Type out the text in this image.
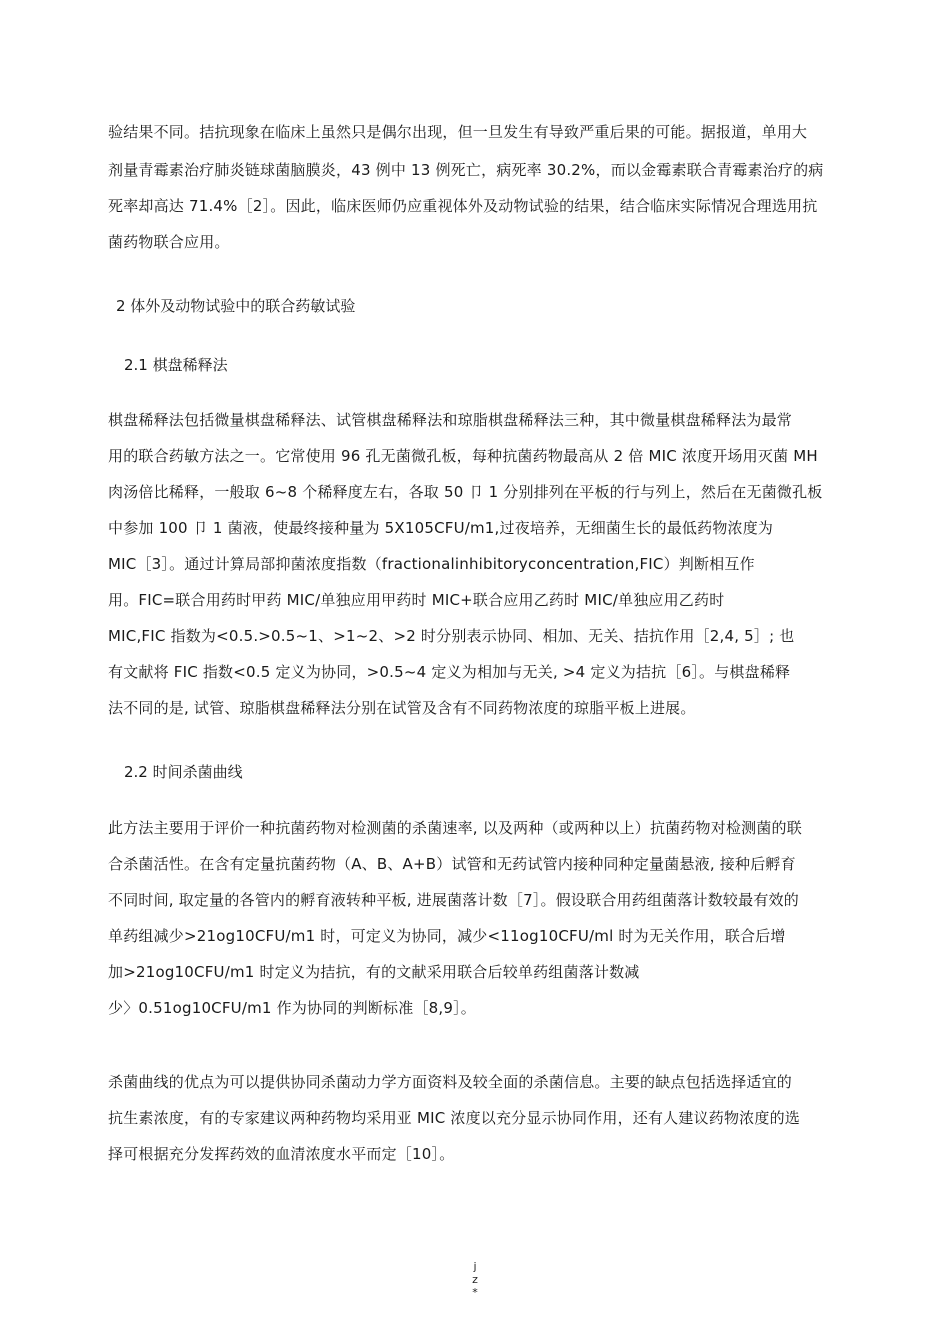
验结果不同。拮抗现象在临床上虽然只是偶尔出现，但一旦发生有导致严重后果的可能。据报道，单用大
剂量青霉素治疗肺炎链球菌脑膜炎，43 例中 13 例死亡，病死率 30.2%，而以金霉素联合青霉素治疗的病
死率却高达 71.4%［2］。因此，临床医师仍应重视体外及动物试验的结果，结合临床实际情况合理选用抗
菌药物联合应用。
2 体外及动物试验中的联合药敏试验
2.1 棋盘稀释法
棋盘稀释法包括微量棋盘稀释法、试管棋盘稀释法和琼脂棋盘稀释法三种，其中微量棋盘稀释法为最常
用的联合药敏方法之一。它常使用 96 孔无菌微孔板，每种抗菌药物最高从 2 倍 MIC 浓度开场用灭菌 MH
肉汤倍比稀释，一般取 6~8 个稀释度左右，各取 50 卩 1 分别排列在平板的行与列上，然后在无菌微孔板
中参加 100 卩 1 菌液，使最终接种量为 5X105CFU/m1,过夜培养，无细菌生长的最低药物浓度为
MIC［3］。通过计算局部抑菌浓度指数（fractionalinhibitoryconcentration,FIC）判断相互作
用。FIC=联合用药时甲药 MIC/单独应用甲药时 MIC+联合应用乙药时 MIC/单独应用乙药时
MIC,FIC 指数为<0.5.>0.5~1、>1~2、>2 时分别表示协同、相加、无关、拮抗作用［2,4, 5］; 也
有文献将 FIC 指数<0.5 定义为协同，>0.5~4 定义为相加与无关, >4 定义为拮抗［6］。与棋盘稀释
法不同的是, 试管、琼脂棋盘稀释法分别在试管及含有不同药物浓度的琼脂平板上进展。
2.2 时间杀菌曲线
此方法主要用于评价一种抗菌药物对检测菌的杀菌速率, 以及两种（或两种以上）抗菌药物对检测菌的联
合杀菌活性。在含有定量抗菌药物（A、B、A+B）试管和无药试管内接种同种定量菌悬液, 接种后孵育
不同时间, 取定量的各管内的孵育液转种平板, 进展菌落计数［7］。假设联合用药组菌落计数较最有效的
单药组减少>21og10CFU/m1 时，可定义为协同，减少<11og10CFU/ml 时为无关作用，联合后增
加>21og10CFU/m1 时定义为拮抗，有的文献采用联合后较单药组菌落计数减
少〉0.51og10CFU/m1 作为协同的判断标准［8,9］。
杀菌曲线的优点为可以提供协同杀菌动力学方面资料及较全面的杀菌信息。主要的缺点包括选择适宜的
抗生素浓度，有的专家建议两种药物均采用亚 MIC 浓度以充分显示协同作用，还有人建议药物浓度的选
择可根据充分发挥药效的血清浓度水平而定［10］。
j
z
*
